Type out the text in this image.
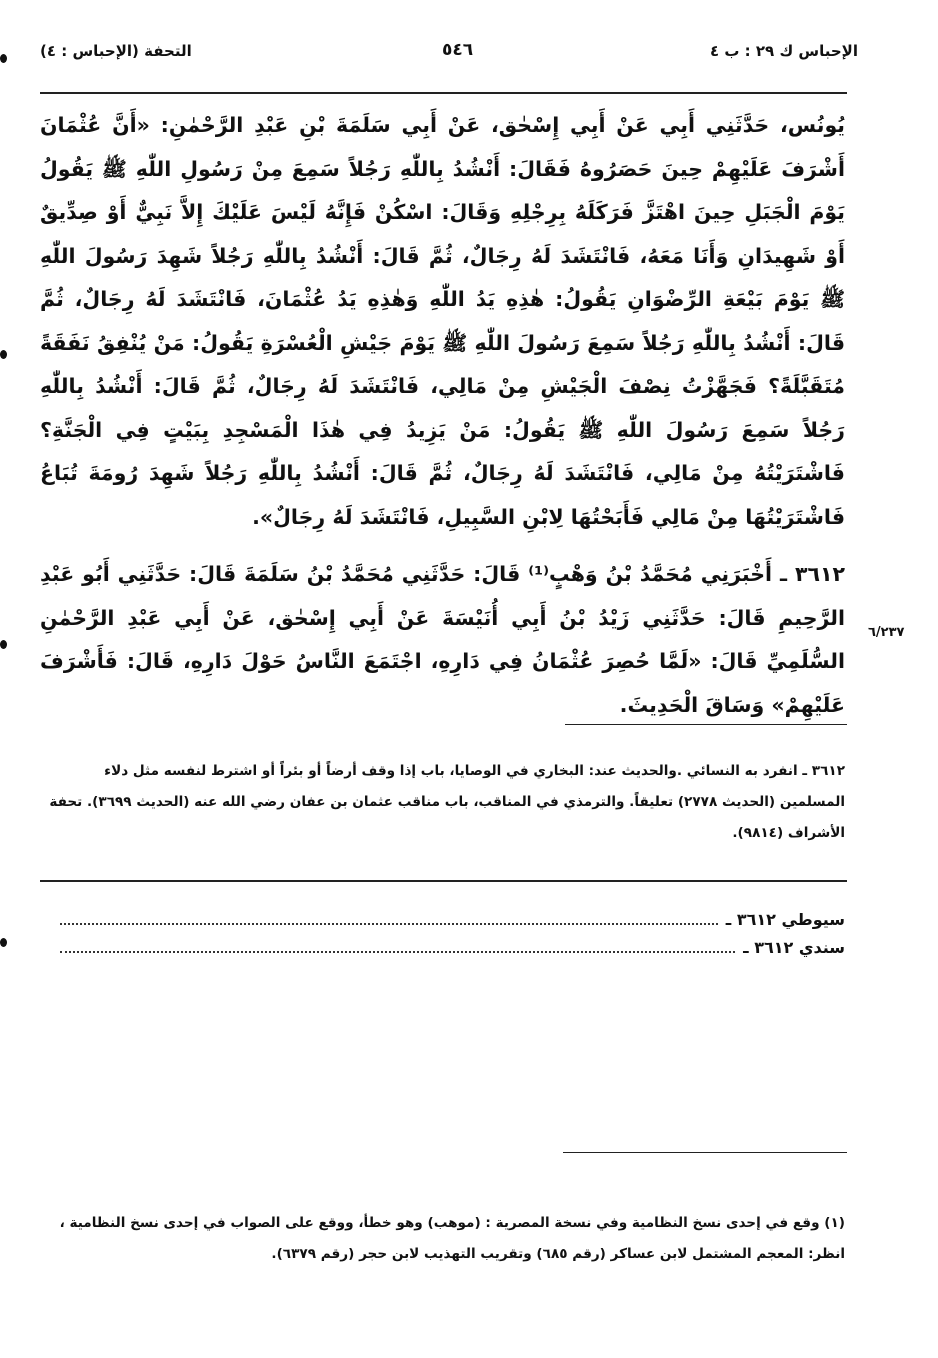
الإحباس ك ٢٩ : ب ٤
٥٤٦
التحفة (الإحباس : ٤)

يُونُس، حَدَّثَنِي أَبِي عَنْ أَبِي إِسْحٰق، عَنْ أَبِي سَلَمَةَ بْنِ عَبْدِ الرَّحْمٰنِ: «أَنَّ عُثْمَانَ أَشْرَفَ عَلَيْهِمْ حِينَ حَصَرُوهُ فَقَالَ: أَنْشُدُ بِاللّٰهِ رَجُلاً سَمِعَ مِنْ رَسُولِ اللّٰهِ ﷺ يَقُولُ يَوْمَ الْجَبَلِ حِينَ اهْتَزَّ فَرَكَلَهُ بِرِجْلِهِ وَقَالَ: اسْكُنْ فَإِنَّهُ لَيْسَ عَلَيْكَ إِلاَّ نَبِيٌّ أَوْ صِدِّيقٌ أَوْ شَهِيدَانِ وَأَنَا مَعَهُ، فَانْتَشَدَ لَهُ رِجَالٌ، ثُمَّ قَالَ: أَنْشُدُ بِاللّٰهِ رَجُلاً شَهِدَ رَسُولَ اللّٰهِ ﷺ يَوْمَ بَيْعَةِ الرِّضْوَانِ يَقُولُ: هٰذِهِ يَدُ اللّٰهِ وَهٰذِهِ يَدُ عُثْمَانَ، فَانْتَشَدَ لَهُ رِجَالٌ، ثُمَّ قَالَ: أَنْشُدُ بِاللّٰهِ رَجُلاً سَمِعَ رَسُولَ اللّٰهِ ﷺ يَوْمَ جَيْشِ الْعُسْرَةِ يَقُولُ: مَنْ يُنْفِقُ نَفَقَةً مُتَقَبَّلَةً؟ فَجَهَّزْتُ نِصْفَ الْجَيْشِ مِنْ مَالِي، فَانْتَشَدَ لَهُ رِجَالٌ، ثُمَّ قَالَ: أَنْشُدُ بِاللّٰهِ رَجُلاً سَمِعَ رَسُولَ اللّٰهِ ﷺ يَقُولُ: مَنْ يَزِيدُ فِي هٰذَا الْمَسْجِدِ بِبَيْتٍ فِي الْجَنَّةِ؟ فَاشْتَرَيْتُهُ مِنْ مَالِي، فَانْتَشَدَ لَهُ رِجَالٌ، ثُمَّ قَالَ: أَنْشُدُ بِاللّٰهِ رَجُلاً شَهِدَ رُومَةَ تُبَاعُ فَاشْتَرَيْتُهَا مِنْ مَالِي فَأَبَحْتُهَا لِابْنِ السَّبِيلِ، فَانْتَشَدَ لَهُ رِجَالٌ».

٣٦١٢ ـ أَخْبَرَنِي مُحَمَّدُ بْنُ وَهْبٍ⁽¹⁾ قَالَ: حَدَّثَنِي مُحَمَّدُ بْنُ سَلَمَةَ قَالَ: حَدَّثَنِي أَبُو عَبْدِ الرَّحِيمِ قَالَ: حَدَّثَنِي زَيْدُ بْنُ أَبِي أُنَيْسَةَ عَنْ أَبِي إِسْحٰق، عَنْ أَبِي عَبْدِ الرَّحْمٰنِ السُّلَمِيِّ قَالَ: «لَمَّا حُصِرَ عُثْمَانُ فِي دَارِهِ، اجْتَمَعَ النَّاسُ حَوْلَ دَارِهِ، قَالَ: فَأَشْرَفَ عَلَيْهِمْ» وَسَاقَ الْحَدِيثَ.

٦/٢٣٧

٣٦١٢ ـ انفرد به النسائي .والحديث عند: البخاري في الوصايا، باب إذا وقف أرضاً أو بئراً أو اشترط لنفسه مثل دلاء المسلمين (الحديث ٢٧٧٨) تعليقاً. والترمذي في المناقب، باب مناقب عثمان بن عفان رضي الله عنه (الحديث ٣٦٩٩). تحفة الأشراف (٩٨١٤).

سيوطي ٣٦١٢ ـ
سندي ٣٦١٢ ـ

(١) وقع في إحدى نسخ النظامية وفي نسخة المصرية : (موهب) وهو خطأ، ووقع على الصواب في إحدى نسخ النظامية ، انظر: المعجم المشتمل لابن عساكر (رقم ٦٨٥) وتقريب التهذيب لابن حجر (رقم ٦٣٧٩).
